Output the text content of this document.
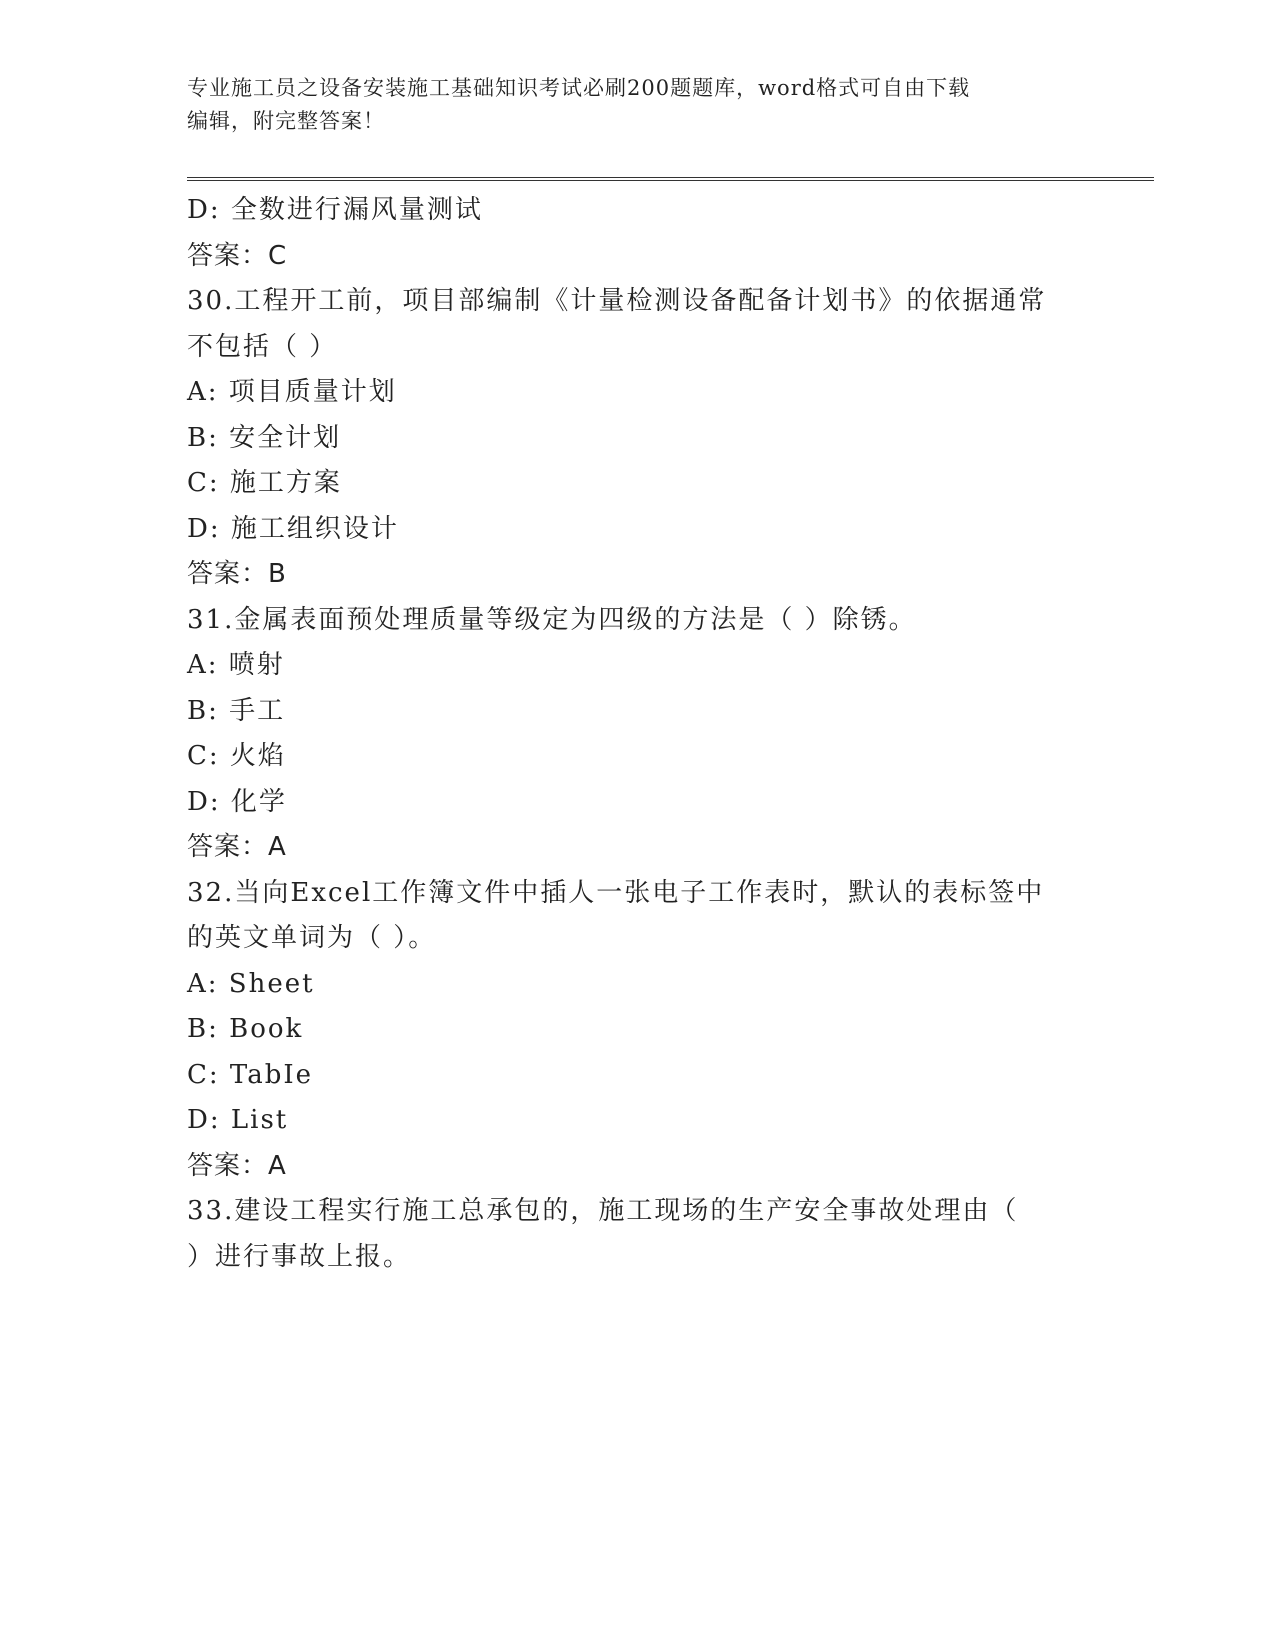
专业施工员之设备安装施工基础知识考试必刷200题题库，word格式可自由下载
编辑，附完整答案！

D: 全数进行漏风量测试

答案：C

30.工程开工前，项目部编制《计量检测设备配备计划书》的依据通常

不包括（ ）

A: 项目质量计划

B: 安全计划

C: 施工方案

D: 施工组织设计

答案：B

31.金属表面预处理质量等级定为四级的方法是（ ）除锈。

A: 喷射

B: 手工

C: 火焰

D: 化学

答案：A

32.当向Excel工作簿文件中插人一张电子工作表时，默认的表标签中

的英文单词为（ ）。

A: Sheet

B: Book

C: TabIe

D: List

答案：A

33.建设工程实行施工总承包的，施工现场的生产安全事故处理由（

）进行事故上报。
